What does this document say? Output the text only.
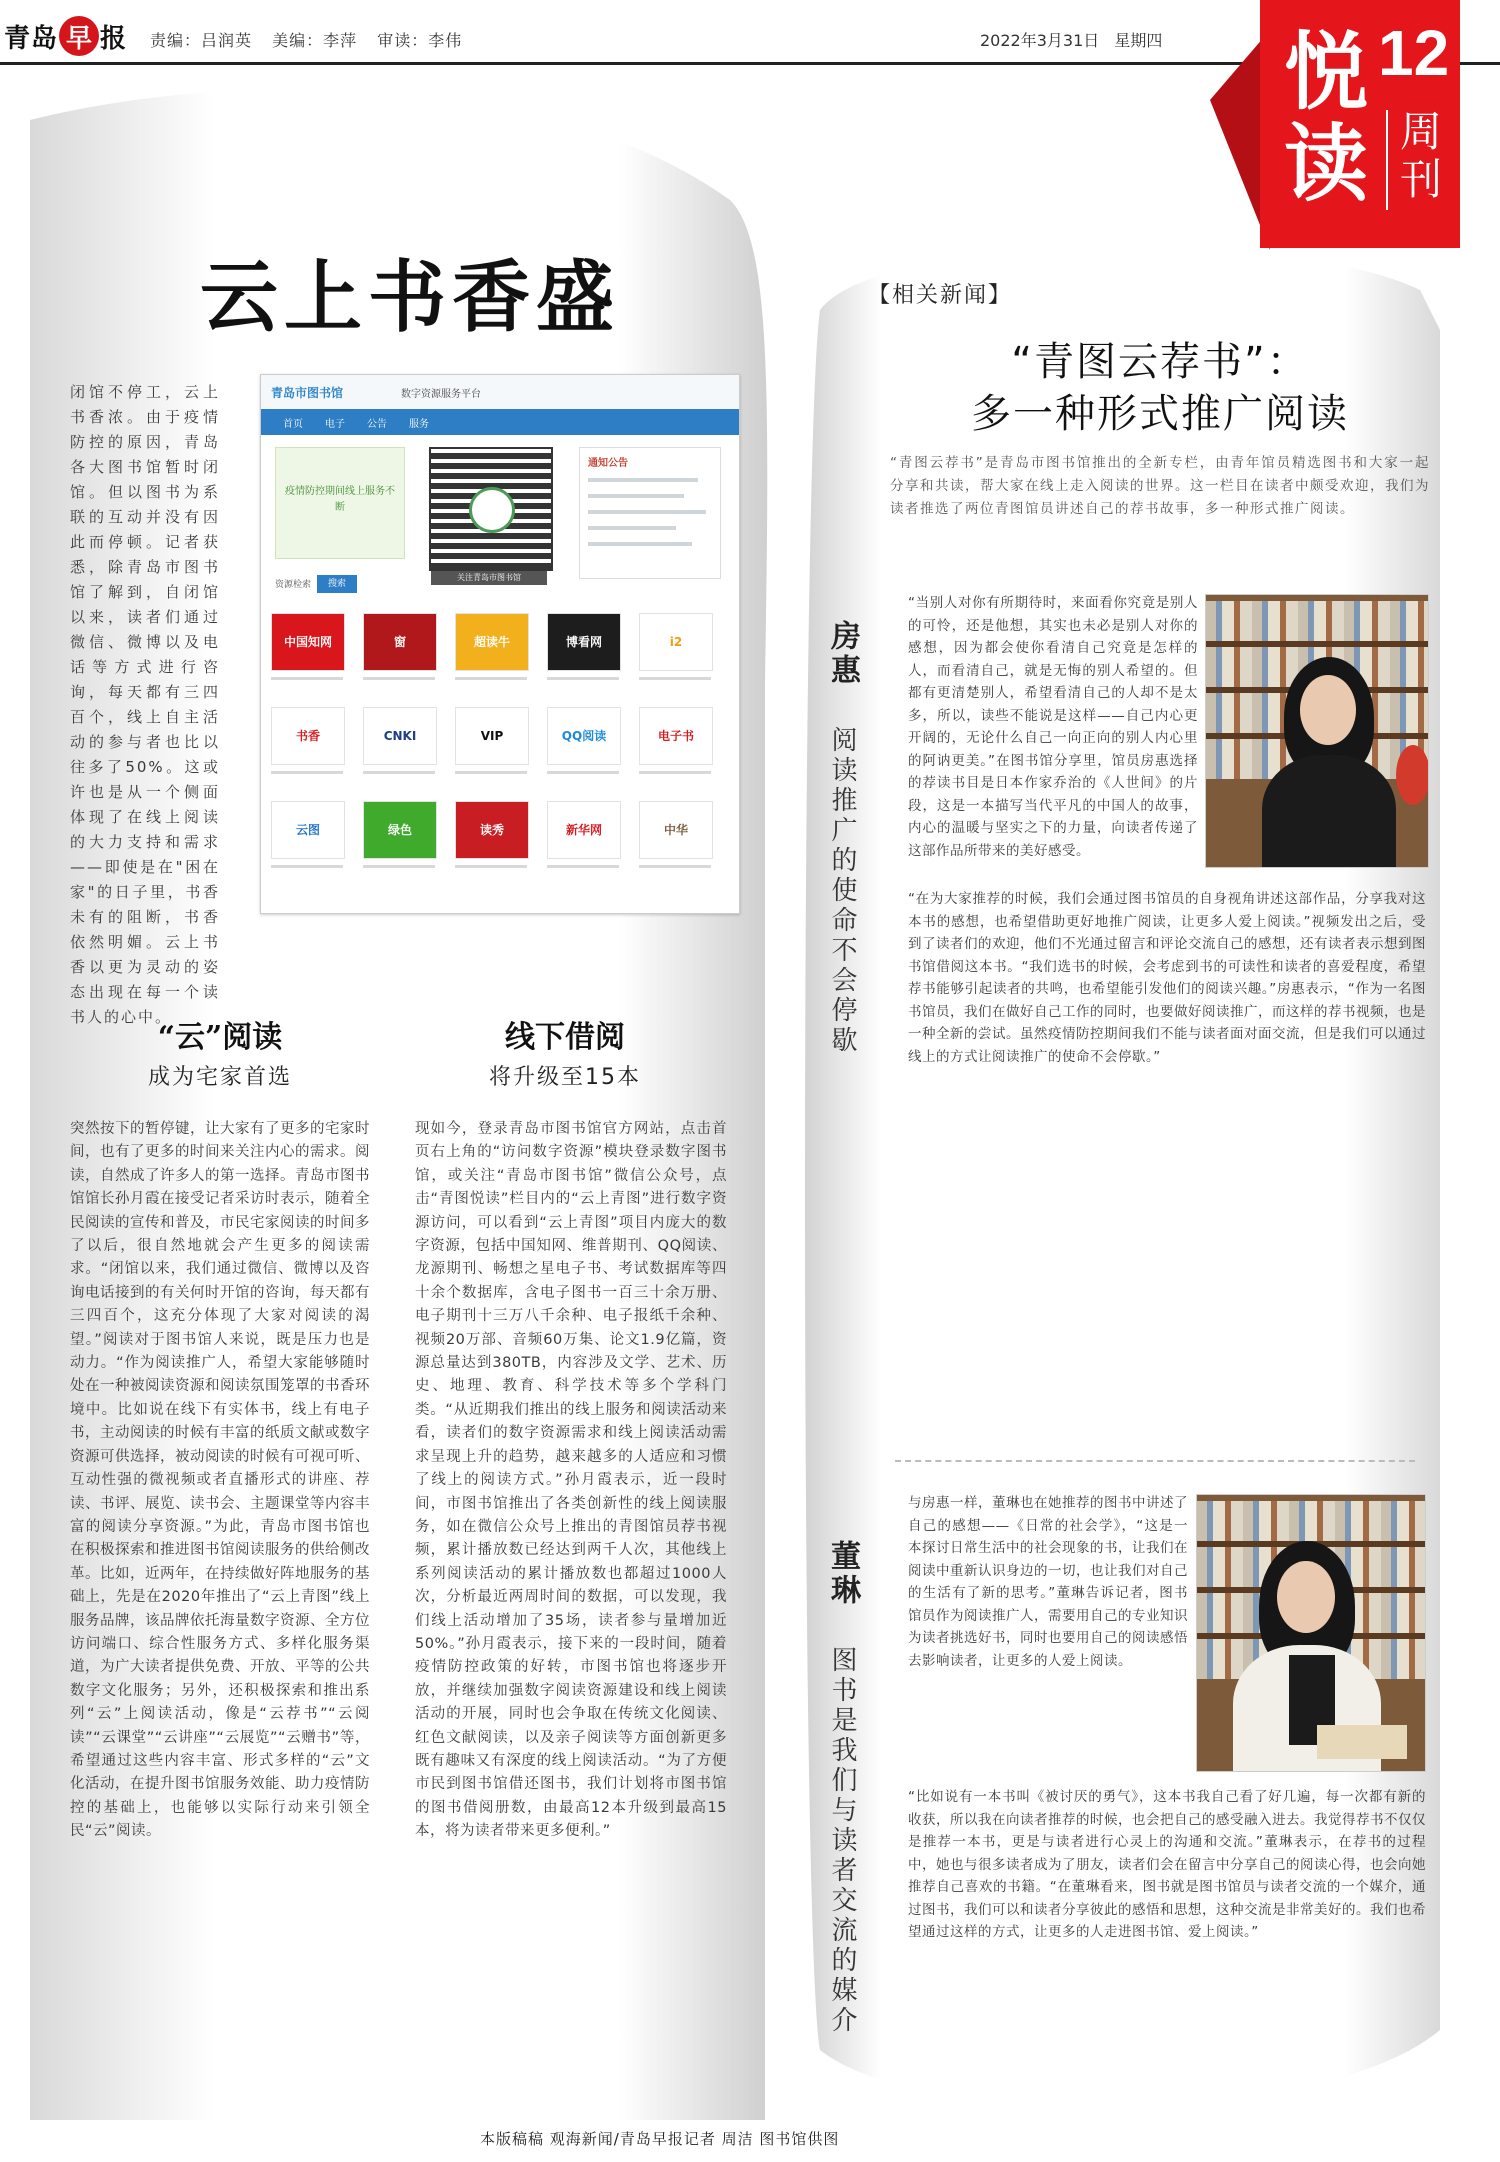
青岛 早 报 责编：吕润英 美编：李萍 审读：李伟	2022年3月31日 星期四 悦读
12
周刊
云上书香盛
闭馆不停工，云上书香浓。由于疫情防控的原因，青岛各大图书馆暂时闭馆。但以图书为系联的互动并没有因此而停顿。记者获悉，除青岛市图书馆了解到，自闭馆以来，读者们通过微信、微博以及电话等方式进行咨询，每天都有三四百个，线上自主活动的参与者也比以往多了50%。这或许也是从一个侧面体现了在线上阅读的大力支持和需求——即使是在"困在家"的日子里，书香未有的阻断，书香依然明媚。云上书香以更为灵动的姿态出现在每一个读书人的心中。
青岛市图书馆	数字资源服务平台
首页 电子 公告 服务
疫情防控期间线上服务不断
关注青岛市图书馆
通知公告
资源检索	搜索
中国知网	窗	超读牛	博看网	i2
书香	CNKI	VIP	QQ阅读	电子书
云图	绿色	读秀	新华网	中华
“云”阅读
成为宅家首选
突然按下的暂停键，让大家有了更多的宅家时间，也有了更多的时间来关注内心的需求。阅读，自然成了许多人的第一选择。青岛市图书馆馆长孙月霞在接受记者采访时表示，随着全民阅读的宣传和普及，市民宅家阅读的时间多了以后，很自然地就会产生更多的阅读需求。“闭馆以来，我们通过微信、微博以及咨询电话接到的有关何时开馆的咨询，每天都有三四百个，这充分体现了大家对阅读的渴望。”阅读对于图书馆人来说，既是压力也是动力。“作为阅读推广人，希望大家能够随时处在一种被阅读资源和阅读氛围笼罩的书香环境中。比如说在线下有实体书，线上有电子书，主动阅读的时候有丰富的纸质文献或数字资源可供选择，被动阅读的时候有可视可听、互动性强的微视频或者直播形式的讲座、荐读、书评、展览、读书会、主题课堂等内容丰富的阅读分享资源。”为此，青岛市图书馆也在积极探索和推进图书馆阅读服务的供给侧改革。比如，近两年，在持续做好阵地服务的基础上，先是在2020年推出了“云上青图”线上服务品牌，该品牌依托海量数字资源、全方位访问端口、综合性服务方式、多样化服务渠道，为广大读者提供免费、开放、平等的公共数字文化服务；另外，还积极探索和推出系列“云”上阅读活动，像是“云荐书”“云阅读”“云课堂”“云讲座”“云展览”“云赠书”等，希望通过这些内容丰富、形式多样的“云”文化活动，在提升图书馆服务效能、助力疫情防控的基础上，也能够以实际行动来引领全民“云”阅读。
线下借阅
将升级至15本
现如今，登录青岛市图书馆官方网站，点击首页右上角的“访问数字资源”模块登录数字图书馆，或关注“青岛市图书馆”微信公众号，点击“青图悦读”栏目内的“云上青图”进行数字资源访问，可以看到“云上青图”项目内庞大的数字资源，包括中国知网、维普期刊、QQ阅读、龙源期刊、畅想之星电子书、考试数据库等四十余个数据库，含电子图书一百三十余万册、电子期刊十三万八千余种、电子报纸千余种、视频20万部、音频60万集、论文1.9亿篇，资源总量达到380TB，内容涉及文学、艺术、历史、地理、教育、科学技术等多个学科门类。“从近期我们推出的线上服务和阅读活动来看，读者们的数字资源需求和线上阅读活动需求呈现上升的趋势，越来越多的人适应和习惯了线上的阅读方式。”孙月霞表示，近一段时间，市图书馆推出了各类创新性的线上阅读服务，如在微信公众号上推出的青图馆员荐书视频，累计播放数已经达到两千人次，其他线上系列阅读活动的累计播放数也都超过1000人次，分析最近两周时间的数据，可以发现，我们线上活动增加了35场，读者参与量增加近50%。”孙月霞表示，接下来的一段时间，随着疫情防控政策的好转，市图书馆也将逐步开放，并继续加强数字阅读资源建设和线上阅读活动的开展，同时也会争取在传统文化阅读、红色文献阅读，以及亲子阅读等方面创新更多既有趣味又有深度的线上阅读活动。“为了方便市民到图书馆借还图书，我们计划将市图书馆的图书借阅册数，由最高12本升级到最高15本，将为读者带来更多便利。”
【相关新闻】
“青图云荐书”：
多一种形式推广阅读
“青图云荐书”是青岛市图书馆推出的全新专栏，由青年馆员精选图书和大家一起分享和共读，帮大家在线上走入阅读的世界。这一栏目在读者中颇受欢迎，我们为读者推选了两位青图馆员讲述自己的荐书故事，多一种形式推广阅读。
房惠 阅读推广的使命不会停歇
“当别人对你有所期待时，来面看你究竟是别人的可怜，还是他想，其实也未必是别人对你的感想，因为都会使你看清自己究竟是怎样的人，而看清自己，就是无悔的别人希望的。但都有更清楚别人，希望看清自己的人却不是太多，所以，读些不能说是这样——自己内心更开阔的，无论什么自己一向正向的别人内心里的阿讷更美。”在图书馆分享里，馆员房惠选择的荐读书目是日本作家乔治的《人世间》的片段，这是一本描写当代平凡的中国人的故事，内心的温暖与坚实之下的力量，向读者传递了这部作品所带来的美好感受。
“在为大家推荐的时候，我们会通过图书馆员的自身视角讲述这部作品，分享我对这本书的感想，也希望借助更好地推广阅读，让更多人爱上阅读。”视频发出之后，受到了读者们的欢迎，他们不光通过留言和评论交流自己的感想，还有读者表示想到图书馆借阅这本书。“我们选书的时候，会考虑到书的可读性和读者的喜爱程度，希望荐书能够引起读者的共鸣，也希望能引发他们的阅读兴趣。”房惠表示，“作为一名图书馆员，我们在做好自己工作的同时，也要做好阅读推广，而这样的荐书视频，也是一种全新的尝试。虽然疫情防控期间我们不能与读者面对面交流，但是我们可以通过线上的方式让阅读推广的使命不会停歇。”
董琳 图书是我们与读者交流的媒介
与房惠一样，董琳也在她推荐的图书中讲述了自己的感想——《日常的社会学》，“这是一本探讨日常生活中的社会现象的书，让我们在阅读中重新认识身边的一切，也让我们对自己的生活有了新的思考。”董琳告诉记者，图书馆员作为阅读推广人，需要用自己的专业知识为读者挑选好书，同时也要用自己的阅读感悟去影响读者，让更多的人爱上阅读。
“比如说有一本书叫《被讨厌的勇气》，这本书我自己看了好几遍，每一次都有新的收获，所以我在向读者推荐的时候，也会把自己的感受融入进去。我觉得荐书不仅仅是推荐一本书，更是与读者进行心灵上的沟通和交流。”董琳表示，在荐书的过程中，她也与很多读者成为了朋友，读者们会在留言中分享自己的阅读心得，也会向她推荐自己喜欢的书籍。“在董琳看来，图书就是图书馆员与读者交流的一个媒介，通过图书，我们可以和读者分享彼此的感悟和思想，这种交流是非常美好的。我们也希望通过这样的方式，让更多的人走进图书馆、爱上阅读。”
本版稿稿 观海新闻/青岛早报记者 周洁 图书馆供图
